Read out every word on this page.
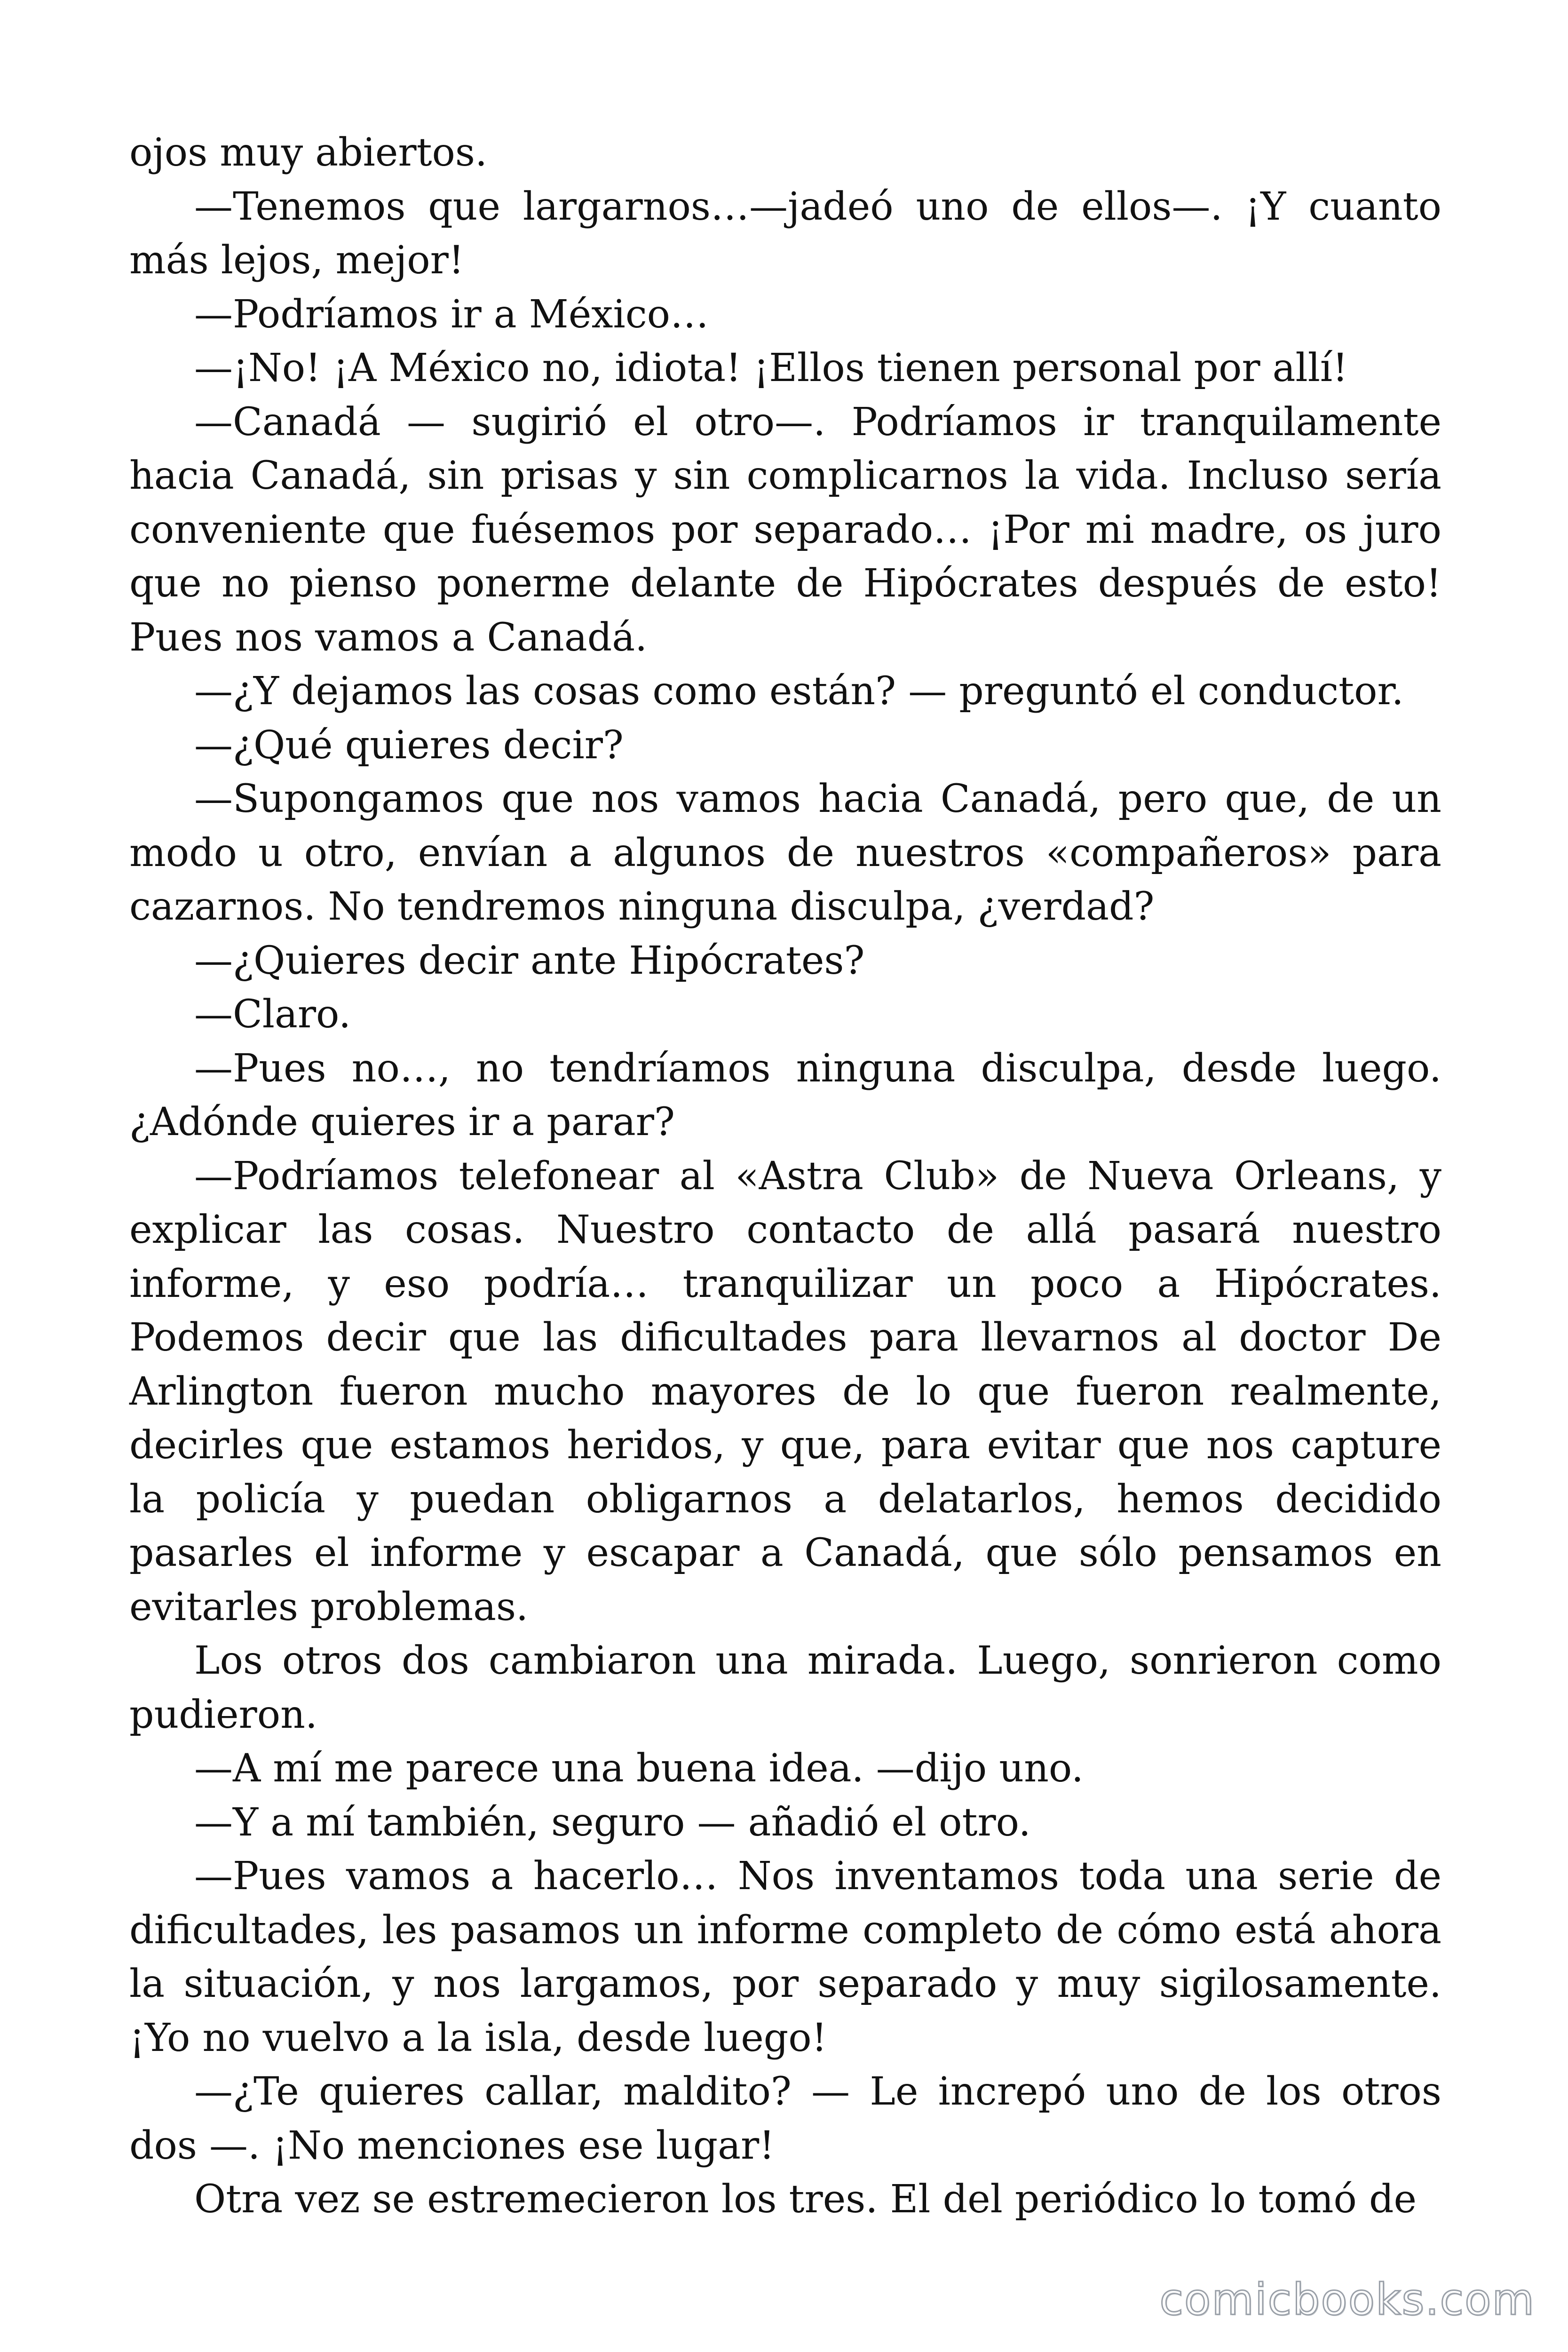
ojos muy abiertos.

—Tenemos que largarnos…—jadeó uno de ellos—. ¡Y cuanto más lejos, mejor!

—Podríamos ir a México…

—¡No! ¡A México no, idiota! ¡Ellos tienen personal por allí!

—Canadá — sugirió el otro—. Podríamos ir tranquilamente hacia Canadá, sin prisas y sin complicarnos la vida. Incluso sería conveniente que fuésemos por separado… ¡Por mi madre, os juro que no pienso ponerme delante de Hipócrates después de esto! Pues nos vamos a Canadá.

—¿Y dejamos las cosas como están? — preguntó el conductor.

—¿Qué quieres decir?

—Supongamos que nos vamos hacia Canadá, pero que, de un modo u otro, envían a algunos de nuestros «compañeros» para cazarnos. No tendremos ninguna disculpa, ¿verdad?

—¿Quieres decir ante Hipócrates?

—Claro.

—Pues no…, no tendríamos ninguna disculpa, desde luego. ¿Adónde quieres ir a parar?

—Podríamos telefonear al «Astra Club» de Nueva Orleans, y explicar las cosas. Nuestro contacto de allá pasará nuestro informe, y eso podría… tranquilizar un poco a Hipócrates. Podemos decir que las dificultades para llevarnos al doctor De Arlington fueron mucho mayores de lo que fueron realmente, decirles que estamos heridos, y que, para evitar que nos capture la policía y puedan obligarnos a delatarlos, hemos decidido pasarles el informe y escapar a Canadá, que sólo pensamos en evitarles problemas.

Los otros dos cambiaron una mirada. Luego, sonrieron como pudieron.

—A mí me parece una buena idea. —dijo uno.

—Y a mí también, seguro — añadió el otro.

—Pues vamos a hacerlo… Nos inventamos toda una serie de dificultades, les pasamos un informe completo de cómo está ahora la situación, y nos largamos, por separado y muy sigilosamente. ¡Yo no vuelvo a la isla, desde luego!

—¿Te quieres callar, maldito? — Le increpó uno de los otros dos —. ¡No menciones ese lugar!

Otra vez se estremecieron los tres. El del periódico lo tomó de

comicbooks.com
